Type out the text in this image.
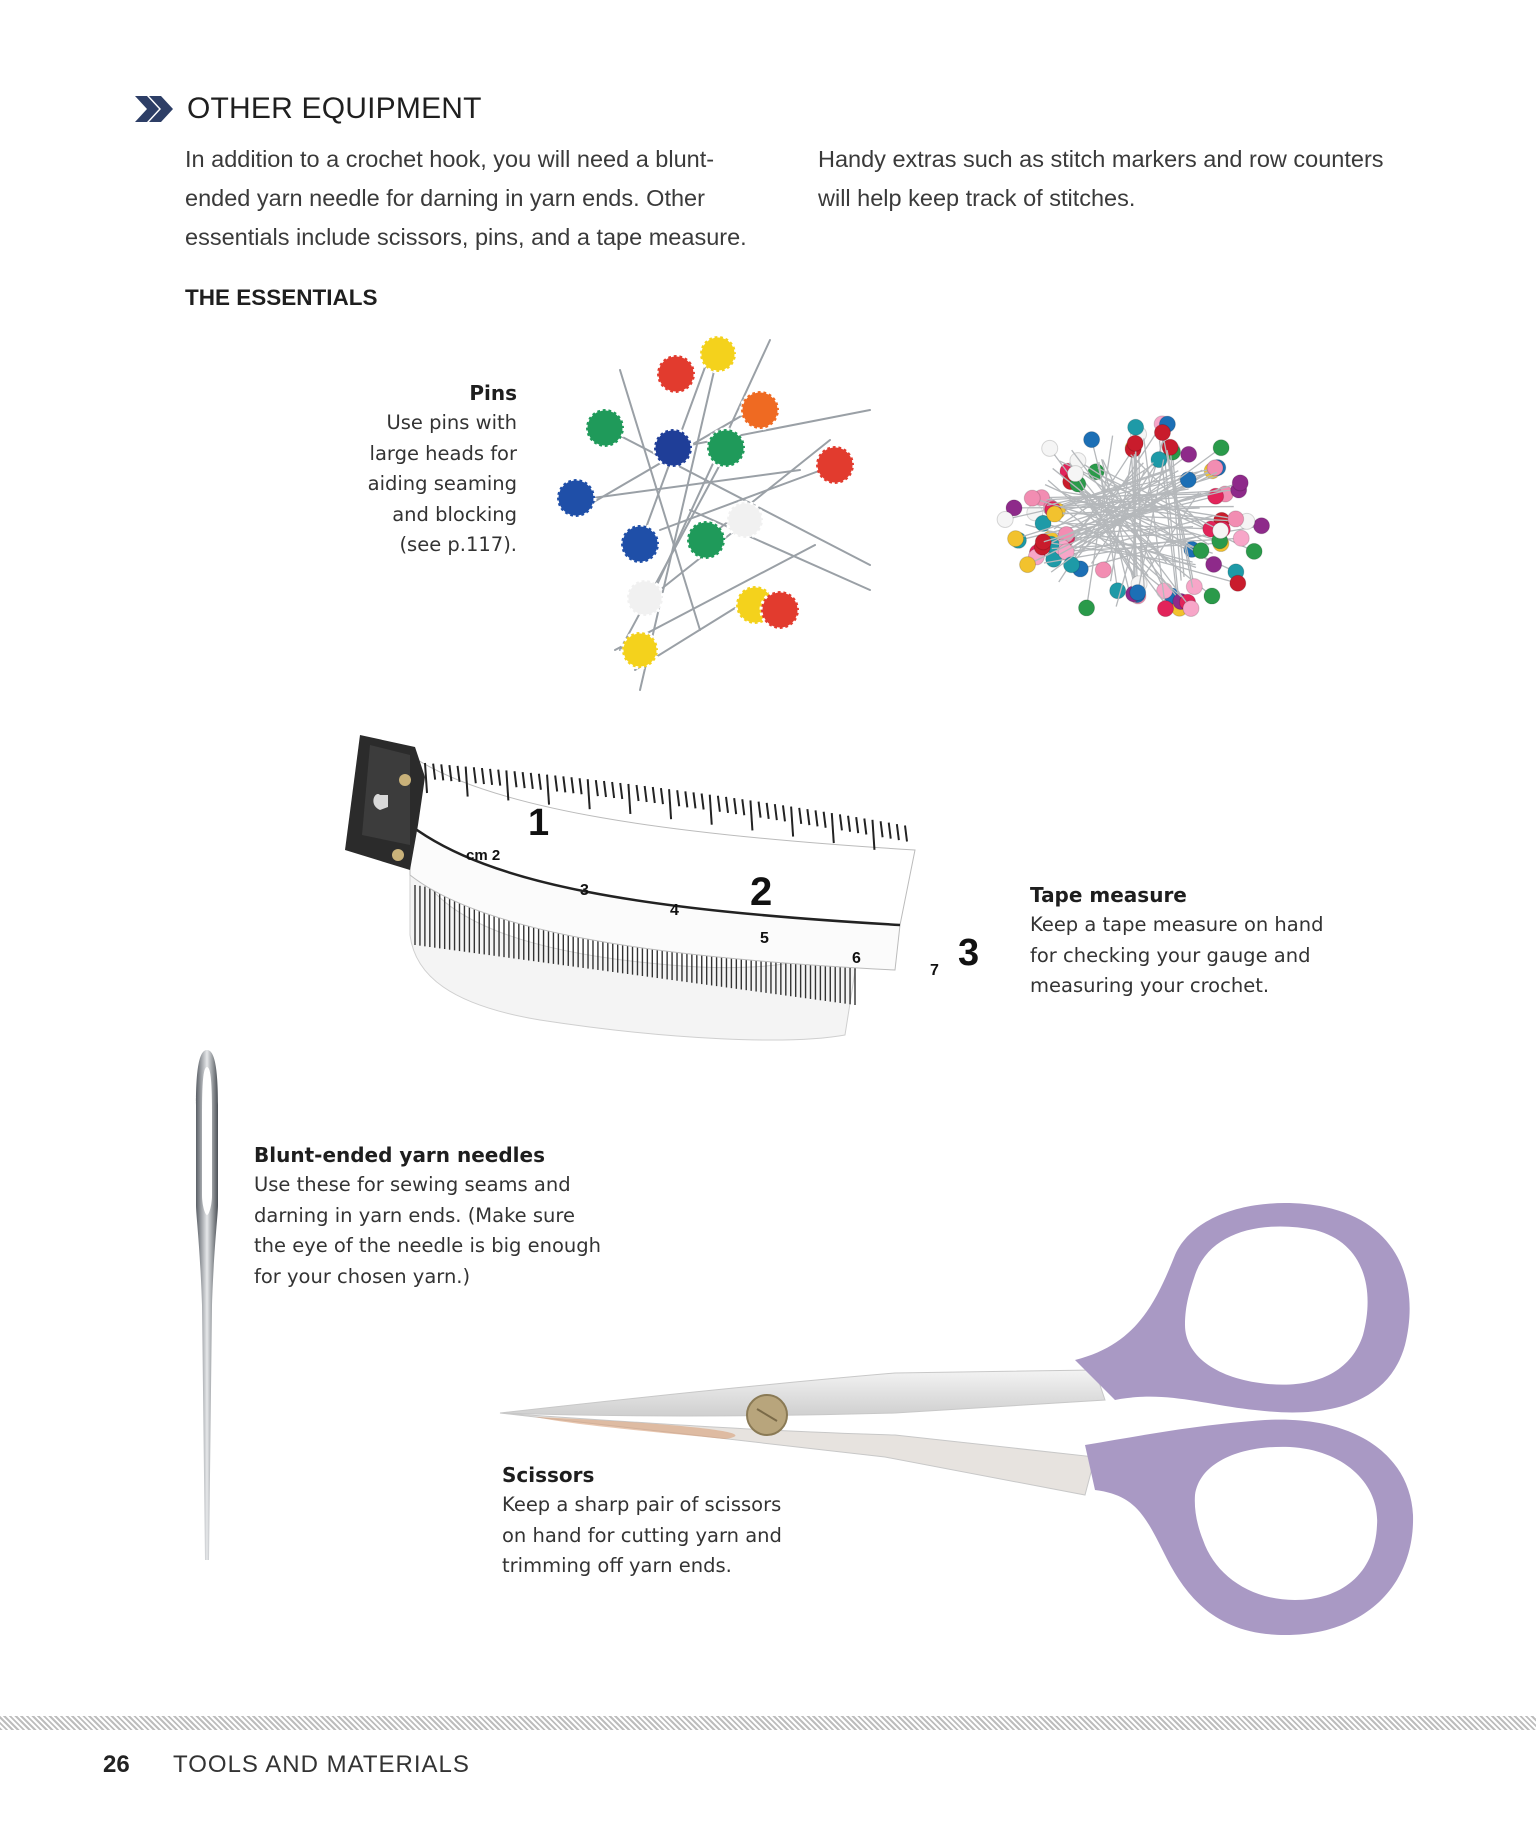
OTHER EQUIPMENT
In addition to a crochet hook, you will need a blunt-
ended yarn needle for darning in yarn ends. Other
essentials include scissors, pins, and a tape measure.
Handy extras such as stitch markers and row counters
will help keep track of stitches.
THE ESSENTIALS
Pins
Use pins with
large heads for
aiding seaming
and blocking
(see p.117).
1
2
3
cm 2
3
4
5
6
7
Tape measure
Keep a tape measure on hand
for checking your gauge and
measuring your crochet.
Blunt-ended yarn needles
Use these for sewing seams and
darning in yarn ends. (Make sure
the eye of the needle is big enough
for your chosen yarn.)
Scissors
Keep a sharp pair of scissors
on hand for cutting yarn and
trimming off yarn ends.
26 TOOLS AND MATERIALS
